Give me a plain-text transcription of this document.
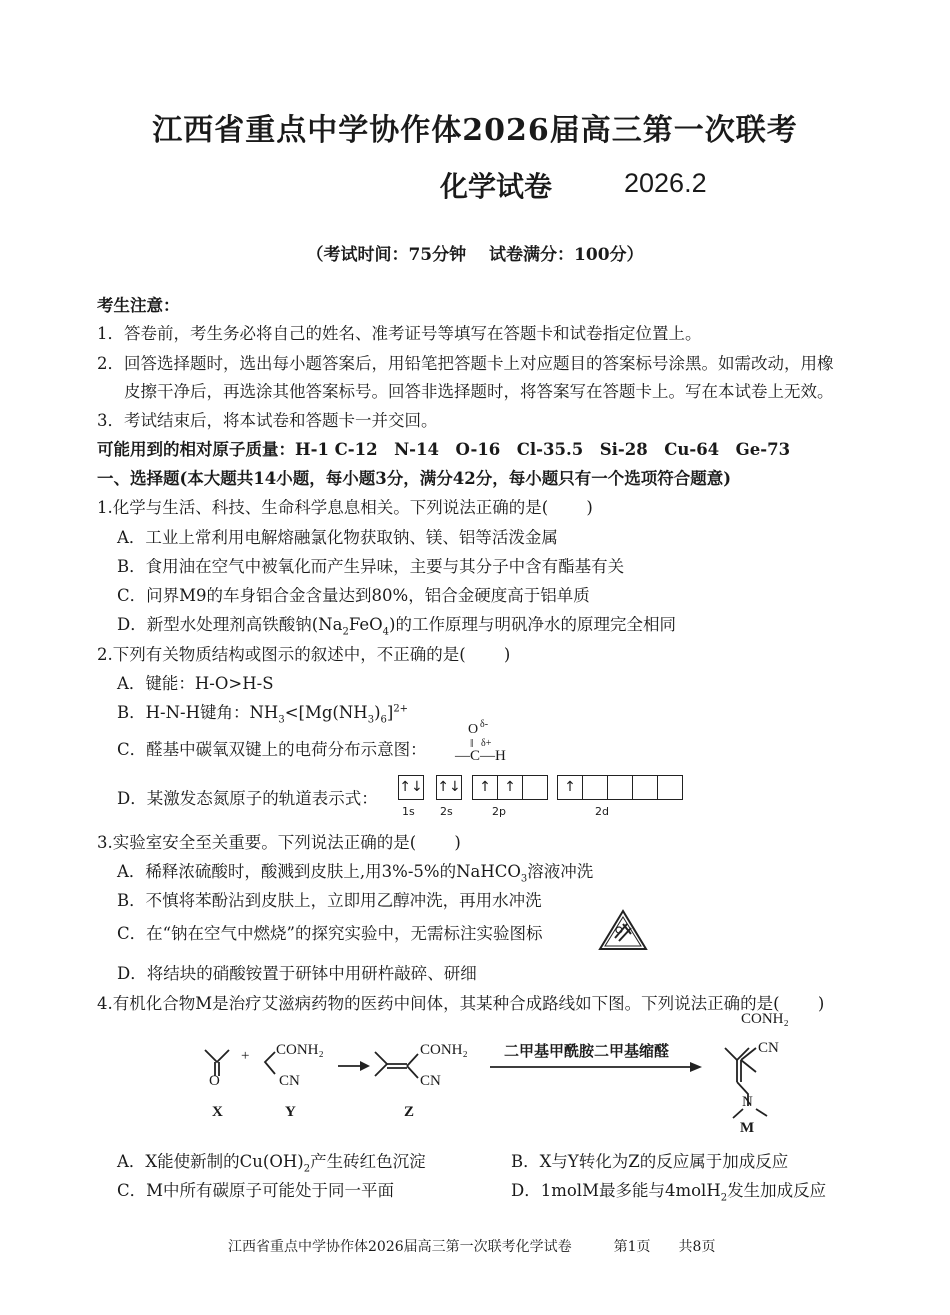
江西省重点中学协作体2026届高三第一次联考
化学试卷	2026.2
（考试时间：75分钟　 试卷满分：100分）
考生注意：
1．答卷前，考生务必将自己的姓名、准考证号等填写在答题卡和试卷指定位置上。
2．回答选择题时，选出每小题答案后，用铅笔把答题卡上对应题目的答案标号涂黑。如需改动，用橡
皮擦干净后，再选涂其他答案标号。回答非选择题时，将答案写在答题卡上。写在本试卷上无效。
3．考试结束后，将本试卷和答题卡一并交回。
可能用到的相对原子质量：H-1 C-12　N-14　O-16　Cl-35.5　Si-28　Cu-64　Ge-73
一、选择题(本大题共14小题，每小题3分，满分42分，每小题只有一个选项符合题意)
1.化学与生活、科技、生命科学息息相关。下列说法正确的是(　　 )
A．工业上常利用电解熔融氯化物获取钠、镁、铝等活泼金属
B．食用油在空气中被氧化而产生异味，主要与其分子中含有酯基有关
C．问界M9的车身铝合金含量达到80%，铝合金硬度高于铝单质
D．新型水处理剂高铁酸钠$(Na_2FeO_4)$的工作原理与明矾净水的原理完全相同
2.下列有关物质结构或图示的叙述中，不正确的是(　　 )
A．键能：H-O>H-S
B．H-N-H键角：$NH_3<[Mg(NH_3)_6]^{2+}$
C．醛基中碳氧双键上的电荷分布示意图：
O δ-
‖ δ+
—C—H
D．某激发态氮原子的轨道表示式：
↑↓ ↑↓	↑ ↑	↑
1s 2s	2p	2d
3.实验室安全至关重要。下列说法正确的是(　　 )
A．稀释浓硫酸时，酸溅到皮肤上,用3%-5%的NaHCO$_3$溶液冲洗
B．不慎将苯酚沾到皮肤上，立即用乙醇冲洗，再用水冲洗
C．在“钠在空气中燃烧”的探究实验中，无需标注实验图标
D．将结块的硝酸铵置于研钵中用研杵敲碎、研细
4.有机化合物M是治疗艾滋病药物的医药中间体，其某种合成路线如下图。下列说法正确的是(　　 )
O
+ CONH₂
CN
CONH₂
CN
二甲基甲酰胺二甲基缩醛
CONH₂
CN
N
X	Y	Z
M
A．X能使新制的$Cu(OH)_2$产生砖红色沉淀	B．X与Y转化为Z的反应属于加成反应
C．M中所有碳原子可能处于同一平面	D．1molM最多能与4molH$_2$发生加成反应
江西省重点中学协作体2026届高三第一次联考化学试卷　　　第1页　　共8页
